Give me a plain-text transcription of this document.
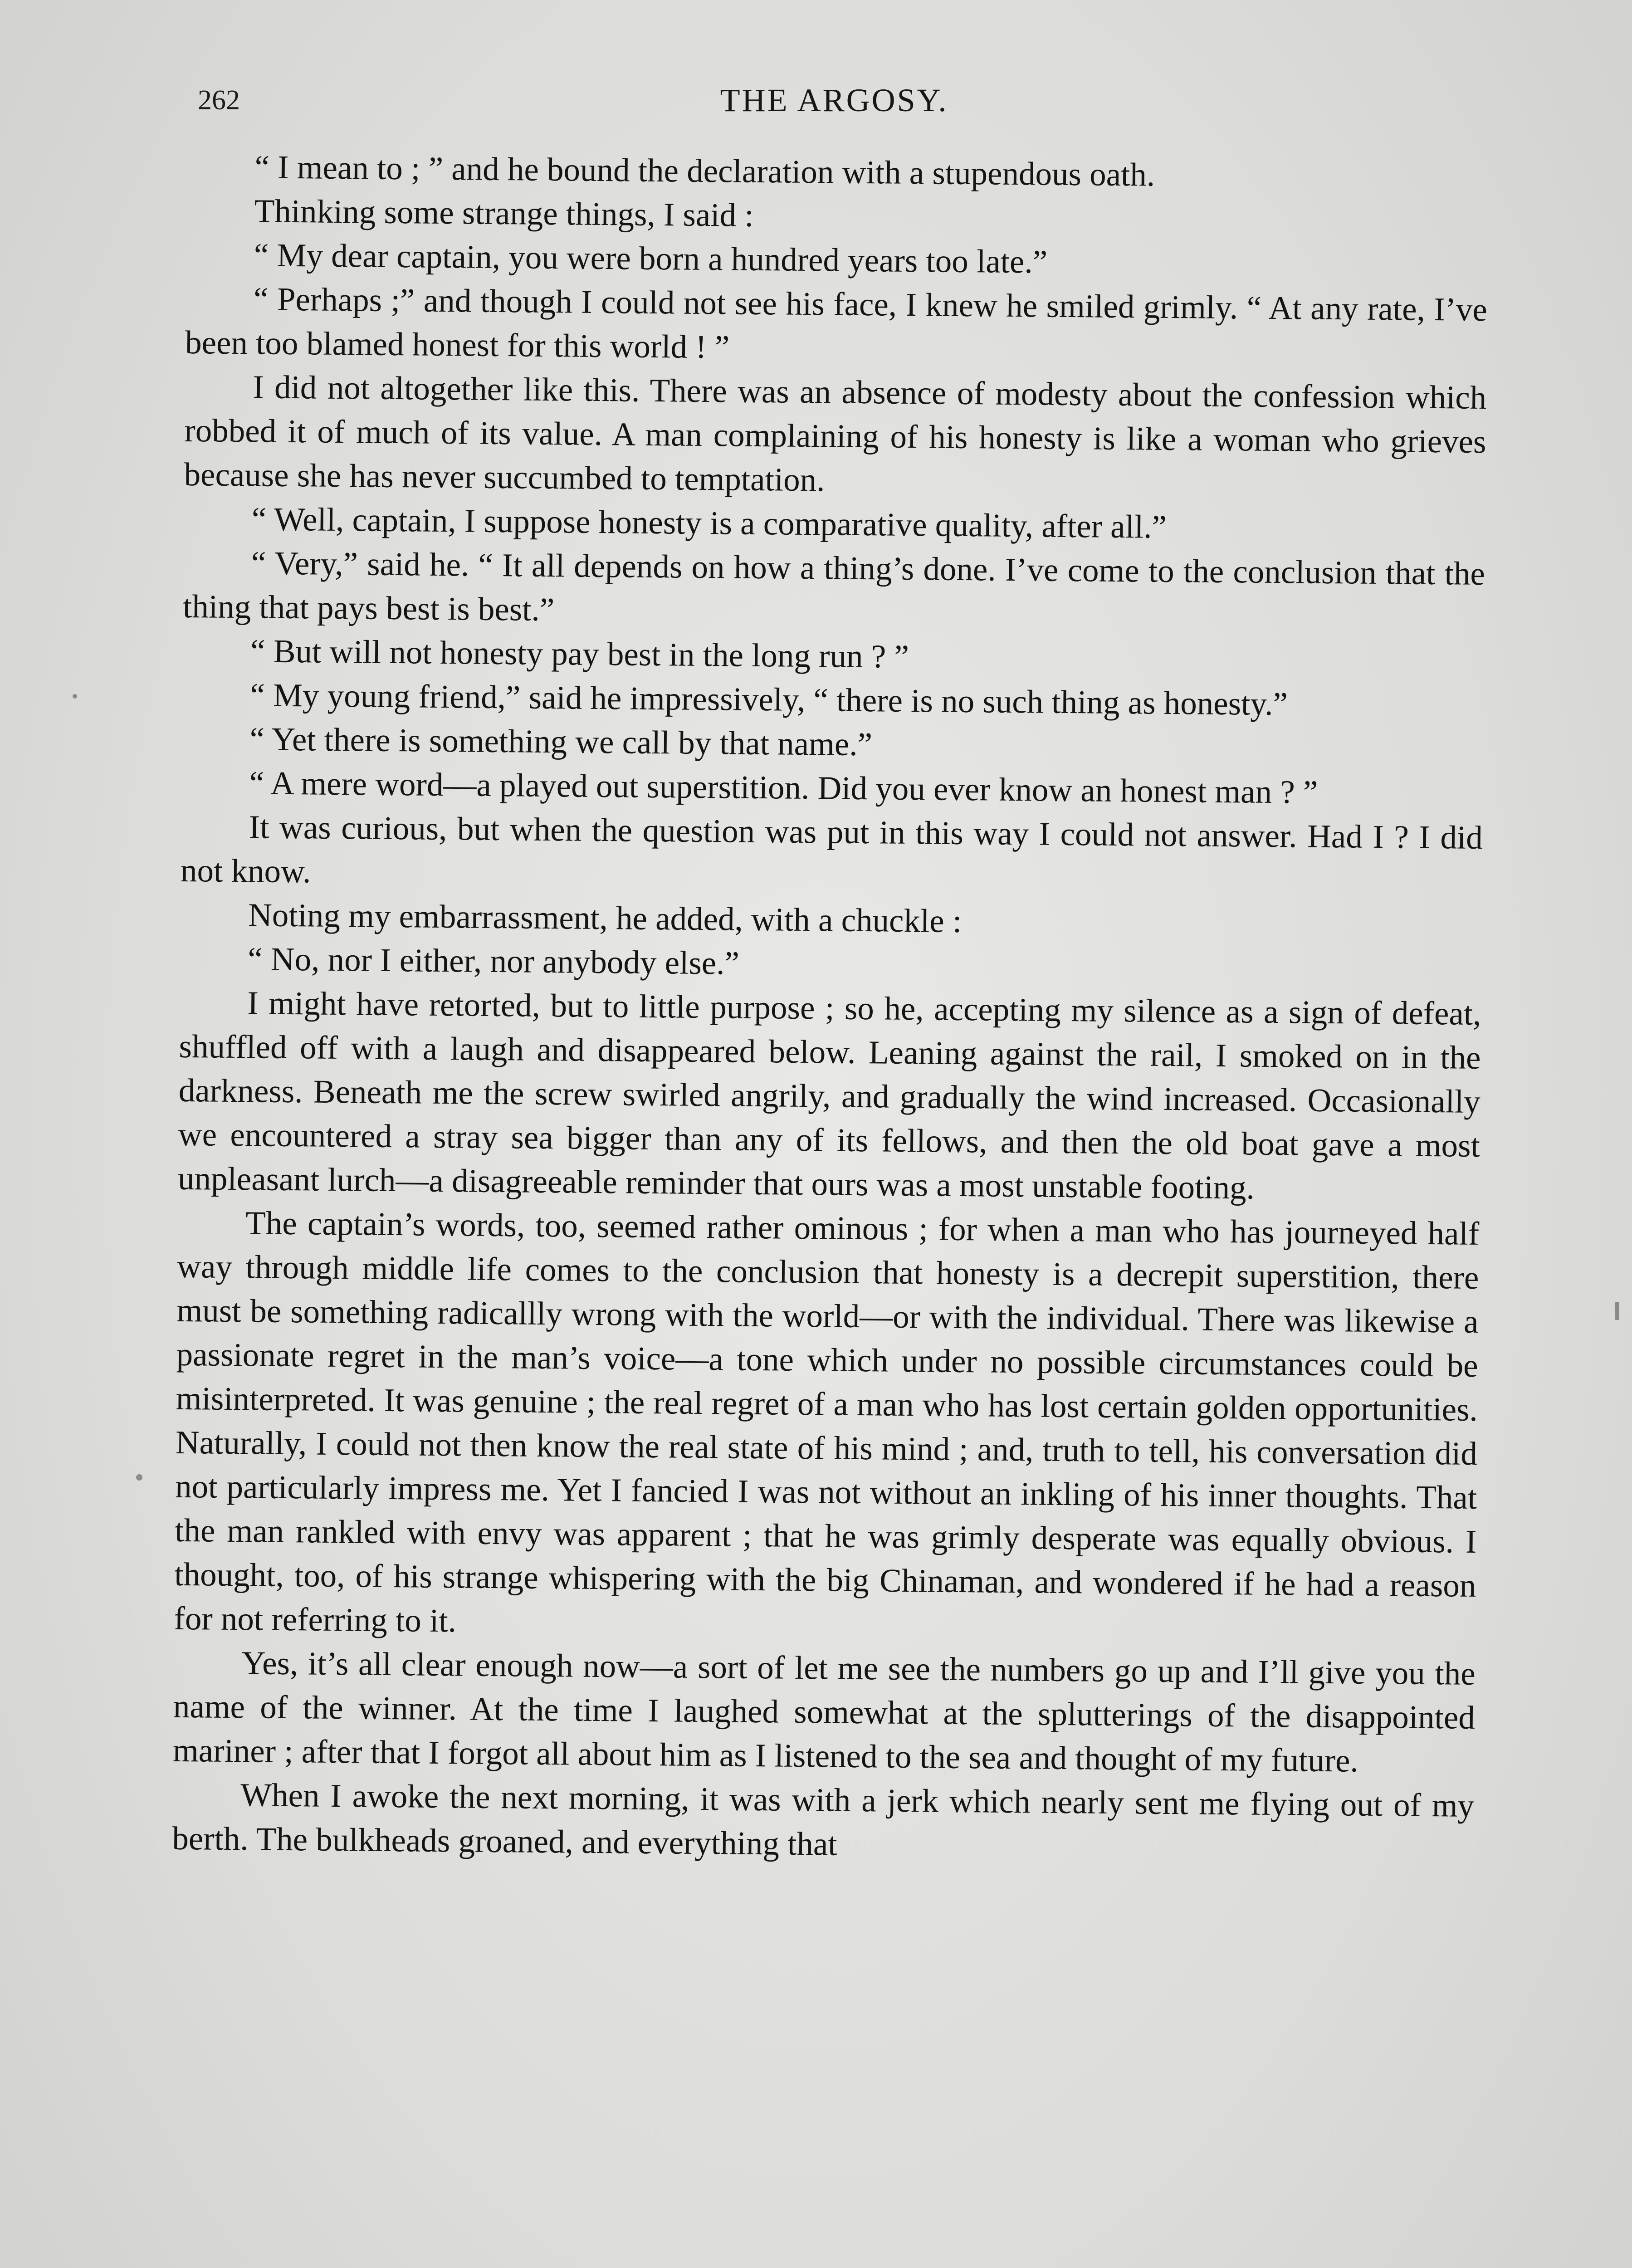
262	THE ARGOSY.

“ I mean to ; ” and he bound the declaration with a stupendous oath.

Thinking some strange things, I said :

“ My dear captain, you were born a hundred years too late.”

“ Perhaps ;” and though I could not see his face, I knew he smiled grimly. “ At any rate, I’ve been too blamed honest for this world ! ”

I did not altogether like this. There was an absence of modesty about the confession which robbed it of much of its value. A man complaining of his honesty is like a woman who grieves because she has never succumbed to temptation.

“ Well, captain, I suppose honesty is a comparative quality, after all.”

“ Very,” said he. “ It all depends on how a thing’s done. I’ve come to the conclusion that the thing that pays best is best.”

“ But will not honesty pay best in the long run ? ”

“ My young friend,” said he impressively, “ there is no such thing as honesty.”

“ Yet there is something we call by that name.”

“ A mere word—a played out superstition. Did you ever know an honest man ? ”

It was curious, but when the question was put in this way I could not answer. Had I ? I did not know.

Noting my embarrassment, he added, with a chuckle :

“ No, nor I either, nor anybody else.”

I might have retorted, but to little purpose ; so he, accepting my silence as a sign of defeat, shuffled off with a laugh and disappeared below. Leaning against the rail, I smoked on in the darkness. Beneath me the screw swirled angrily, and gradually the wind increased. Occasionally we encountered a stray sea bigger than any of its fellows, and then the old boat gave a most unpleasant lurch—a disagreeable reminder that ours was a most unstable footing.

The captain’s words, too, seemed rather ominous ; for when a man who has journeyed half way through middle life comes to the conclusion that honesty is a decrepit superstition, there must be something radicallly wrong with the world—or with the individual. There was likewise a passionate regret in the man’s voice—a tone which under no possible circumstances could be misinterpreted. It was genuine ; the real regret of a man who has lost certain golden opportunities. Naturally, I could not then know the real state of his mind ; and, truth to tell, his conversation did not particularly impress me. Yet I fancied I was not without an inkling of his inner thoughts. That the man rankled with envy was apparent ; that he was grimly desperate was equally obvious. I thought, too, of his strange whispering with the big Chinaman, and wondered if he had a reason for not referring to it.

Yes, it’s all clear enough now—a sort of let me see the numbers go up and I’ll give you the name of the winner. At the time I laughed somewhat at the splutterings of the disappointed mariner ; after that I forgot all about him as I listened to the sea and thought of my future.

When I awoke the next morning, it was with a jerk which nearly sent me flying out of my berth. The bulkheads groaned, and everything that
